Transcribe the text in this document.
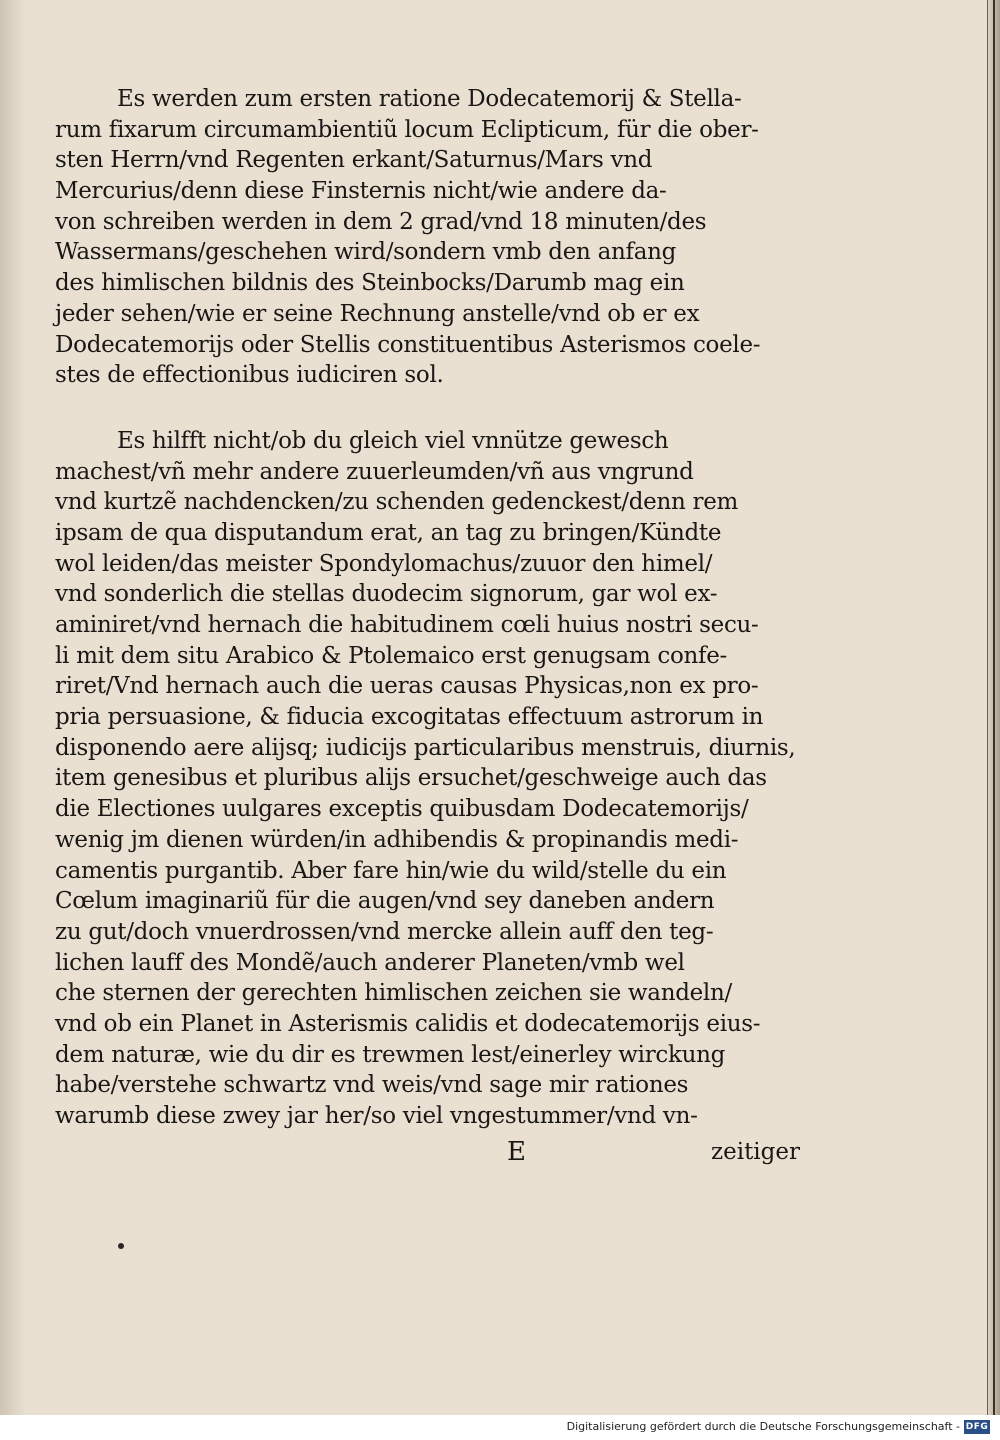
Es werden zum ersten ratione Dodecatemorij & Stella-
rum fixarum circumambientiũ locum Eclipticum, für die ober-
sten Herrn/vnd Regenten erkant/Saturnus/Mars vnd
Mercurius/denn diese Finsternis nicht/wie andere da-
von schreiben werden in dem 2 grad/vnd 18 minuten/des
Wassermans/geschehen wird/sondern vmb den anfang
des himlischen bildnis des Steinbocks/Darumb mag ein
jeder sehen/wie er seine Rechnung anstelle/vnd ob er ex
Dodecatemorijs oder Stellis constituentibus Asterismos coele-
stes de effectionibus iudiciren sol.
Es hilfft nicht/ob du gleich viel vnnütze gewesch
machest/vñ mehr andere zuuerleumden/vñ aus vngrund
vnd kurtzẽ nachdencken/zu schenden gedenckest/denn rem
ipsam de qua disputandum erat, an tag zu bringen/Kündte
wol leiden/das meister Spondylomachus/zuuor den himel/
vnd sonderlich die stellas duodecim signorum, gar wol ex-
aminiret/vnd hernach die habitudinem cœli huius nostri secu-
li mit dem situ Arabico & Ptolemaico erst genugsam confe-
riret/Vnd hernach auch die ueras causas Physicas,non ex pro-
pria persuasione, & fiducia excogitatas effectuum astrorum in
disponendo aere alijsq; iudicijs particularibus menstruis, diurnis,
item genesibus et pluribus alijs ersuchet/geschweige auch das
die Electiones uulgares exceptis quibusdam Dodecatemorijs/
wenig jm dienen würden/in adhibendis & propinandis medi-
camentis purgantib. Aber fare hin/wie du wild/stelle du ein
Cœlum imaginariũ für die augen/vnd sey daneben andern
zu gut/doch vnuerdrossen/vnd mercke allein auff den teg-
lichen lauff des Mondẽ/auch anderer Planeten/vmb wel
che sternen der gerechten himlischen zeichen sie wandeln/
vnd ob ein Planet in Asterismis calidis et dodecatemorijs eius-
dem naturæ, wie du dir es trewmen lest/einerley wirckung
habe/verstehe schwartz vnd weis/vnd sage mir rationes
warumb diese zwey jar her/so viel vngestummer/vnd vn-
E	zeitiger
Digitalisierung gefördert durch die Deutsche Forschungsgemeinschaft - DFG
